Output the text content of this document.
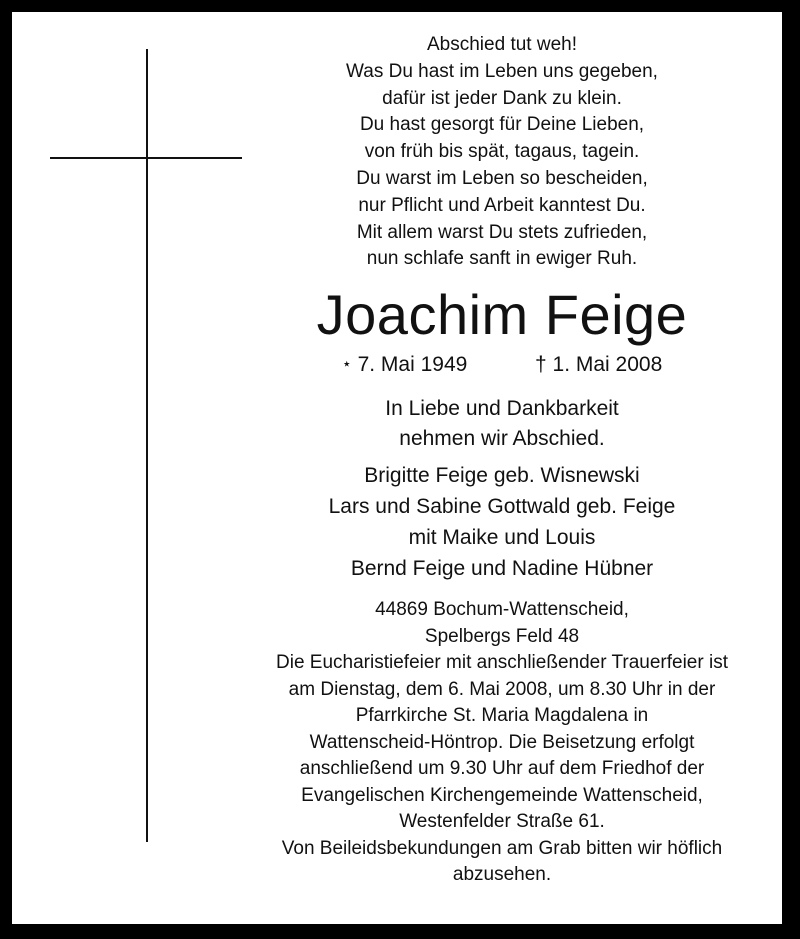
Abschied tut weh!
Was Du hast im Leben uns gegeben,
dafür ist jeder Dank zu klein.
Du hast gesorgt für Deine Lieben,
von früh bis spät, tagaus, tagein.
Du warst im Leben so bescheiden,
nur Pflicht und Arbeit kanntest Du.
Mit allem warst Du stets zufrieden,
nun schlafe sanft in ewiger Ruh.
Joachim Feige
⋆ 7. Mai 1949	† 1. Mai 2008
In Liebe und Dankbarkeit
nehmen wir Abschied.
Brigitte Feige geb. Wisnewski
Lars und Sabine Gottwald geb. Feige
mit Maike und Louis
Bernd Feige und Nadine Hübner
44869 Bochum-Wattenscheid,
Spelbergs Feld 48
Die Eucharistiefeier mit anschließender Trauerfeier ist
am Dienstag, dem 6. Mai 2008, um 8.30 Uhr in der
Pfarrkirche St. Maria Magdalena in
Wattenscheid-Höntrop. Die Beisetzung erfolgt
anschließend um 9.30 Uhr auf dem Friedhof der
Evangelischen Kirchengemeinde Wattenscheid,
Westenfelder Straße 61.
Von Beileidsbekundungen am Grab bitten wir höflich
abzusehen.
